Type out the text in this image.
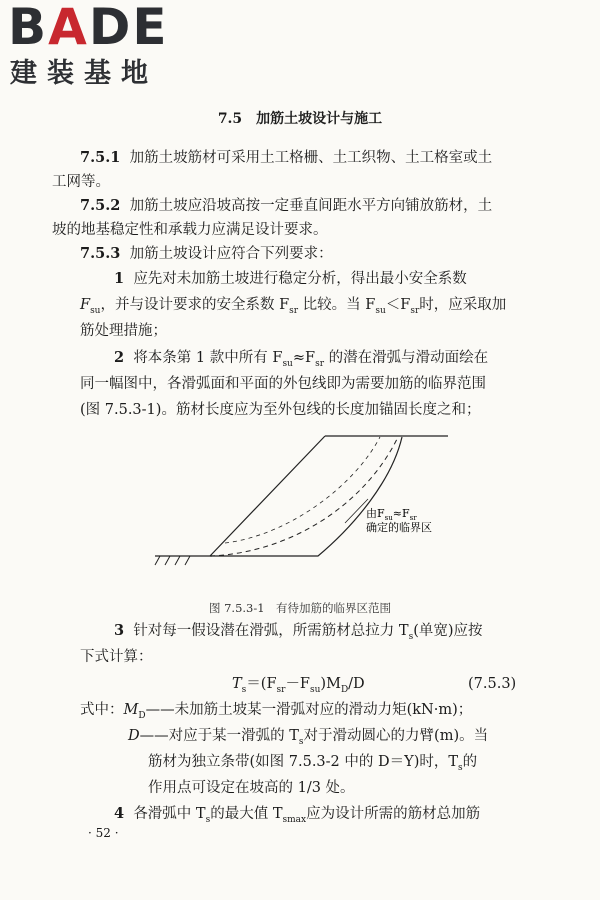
BADE
建装基地
7.5　加筋土坡设计与施工
7.5.1 加筋土坡筋材可采用土工格栅、土工织物、土工格室或土
工网等。
7.5.2 加筋土坡应沿坡高按一定垂直间距水平方向铺放筋材，土
坡的地基稳定性和承载力应满足设计要求。
7.5.3 加筋土坡设计应符合下列要求：
1 应先对未加筋土坡进行稳定分析，得出最小安全系数
$F_{su}$，并与设计要求的安全系数 $F_{sr}$ 比较。当 $F_{su}<F_{sr}$时，应采取加
筋处理措施；
2 将本条第 1 款中所有 $F_{su}\approx F_{sr}$ 的潜在滑弧与滑动面绘在
同一幅图中，各滑弧面和平面的外包线即为需要加筋的临界范围
(图 7.5.3-1)。筋材长度应为至外包线的长度加锚固长度之和；
由$F_{su}\approx F_{sr}$
确定的临界区
图 7.5.3-1　有待加筋的临界区范围
3 针对每一假设潜在滑弧，所需筋材总拉力 $T_s$(单宽)应按
下式计算：
$T_s=(F_{sr}-F_{su})M_D/D$	(7.5.3)
式中：$M_D——$未加筋土坡某一滑弧对应的滑动力矩(kN·m)；
D——对应于某一滑弧的 $T_s$对于滑动圆心的力臂(m)。当
筋材为独立条带(如图 7.5.3-2 中的 D＝Y)时，$T_s$的
作用点可设定在坡高的 1/3 处。
4 各滑弧中 $T_s$的最大值 $T_{smax}$应为设计所需的筋材总加筋
· 52 ·
